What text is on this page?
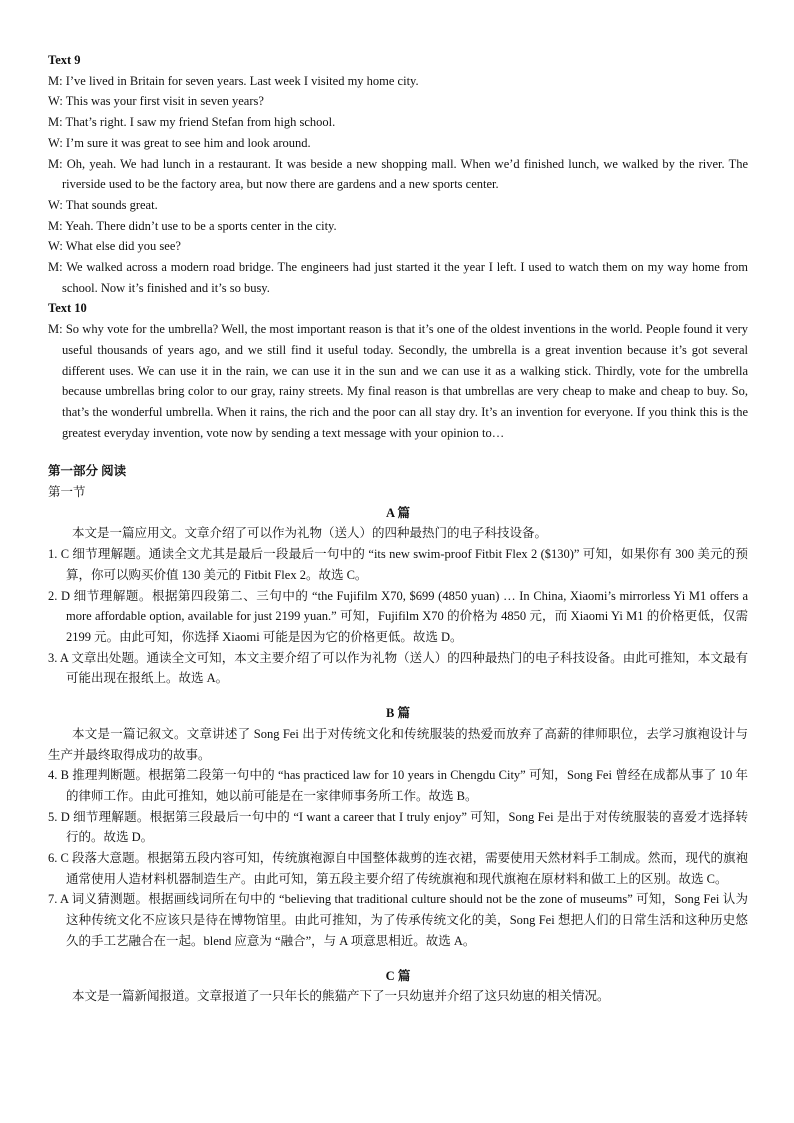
Text 9
M: I’ve lived in Britain for seven years. Last week I visited my home city.
W: This was your first visit in seven years?
M: That’s right. I saw my friend Stefan from high school.
W: I’m sure it was great to see him and look around.
M: Oh, yeah. We had lunch in a restaurant. It was beside a new shopping mall. When we’d finished lunch, we walked by the river. The riverside used to be the factory area, but now there are gardens and a new sports center.
W: That sounds great.
M: Yeah. There didn’t use to be a sports center in the city.
W: What else did you see?
M: We walked across a modern road bridge. The engineers had just started it the year I left. I used to watch them on my way home from school. Now it’s finished and it’s so busy.
Text 10
M: So why vote for the umbrella? Well, the most important reason is that it’s one of the oldest inventions in the world. People found it very useful thousands of years ago, and we still find it useful today. Secondly, the umbrella is a great invention because it’s got several different uses. We can use it in the rain, we can use it in the sun and we can use it as a walking stick. Thirdly, vote for the umbrella because umbrellas bring color to our gray, rainy streets. My final reason is that umbrellas are very cheap to make and cheap to buy. So, that’s the wonderful umbrella. When it rains, the rich and the poor can all stay dry. It’s an invention for everyone. If you think this is the greatest everyday invention, vote now by sending a text message with your opinion to…
第一部分 阅读
第一节
A 篇
本文是一篇应用文。文章介绍了可以作为礼物（送人）的四种最热门的电子科技设备。
1. C 细节理解题。通读全文尤其是最后一段最后一句中的 “its new swim-proof Fitbit Flex 2 ($130)” 可知，如果你有 300 美元的预算，你可以购买价值 130 美元的 Fitbit Flex 2。故选 C。
2. D 细节理解题。根据第四段第二、三句中的 “the Fujifilm X70, $699 (4850 yuan) … In China, Xiaomi’s mirrorless Yi M1 offers a more affordable option, available for just 2199 yuan.” 可知，Fujifilm X70 的价格为 4850 元，而 Xiaomi Yi M1 的价格更低，仅需 2199 元。由此可知，你选择 Xiaomi 可能是因为它的价格更低。故选 D。
3. A 文章出处题。通读全文可知，本文主要介绍了可以作为礼物（送人）的四种最热门的电子科技设备。由此可推知，本文最有可能出现在报纸上。故选 A。
B 篇
本文是一篇记叙文。文章讲述了 Song Fei 出于对传统文化和传统服装的热爱而放弃了高薪的律师职位，去学习旗袍设计与生产并最终取得成功的故事。
4. B 推理判断题。根据第二段第一句中的 “has practiced law for 10 years in Chengdu City” 可知，Song Fei 曾经在成都从事了 10 年的律师工作。由此可推知，她以前可能是在一家律师事务所工作。故选 B。
5. D 细节理解题。根据第三段最后一句中的 “I want a career that I truly enjoy” 可知，Song Fei 是出于对传统服装的喜爱才选择转行的。故选 D。
6. C 段落大意题。根据第五段内容可知，传统旗袍源自中国整体裁剪的连衣裙，需要使用天然材料手工制成。然而，现代的旗袍通常使用人造材料机器制造生产。由此可知，第五段主要介绍了传统旗袍和现代旗袍在原材料和做工上的区别。故选 C。
7. A 词义猜测题。根据画线词所在句中的 “believing that traditional culture should not be the zone of museums” 可知，Song Fei 认为这种传统文化不应该只是待在博物馆里。由此可推知，为了传承传统文化的美，Song Fei 想把人们的日常生活和这种历史悠久的手工艺融合在一起。blend 应意为 “融合”，与 A 项意思相近。故选 A。
C 篇
本文是一篇新闻报道。文章报道了一只年长的熊猫产下了一只幼崽并介绍了这只幼崽的相关情况。
